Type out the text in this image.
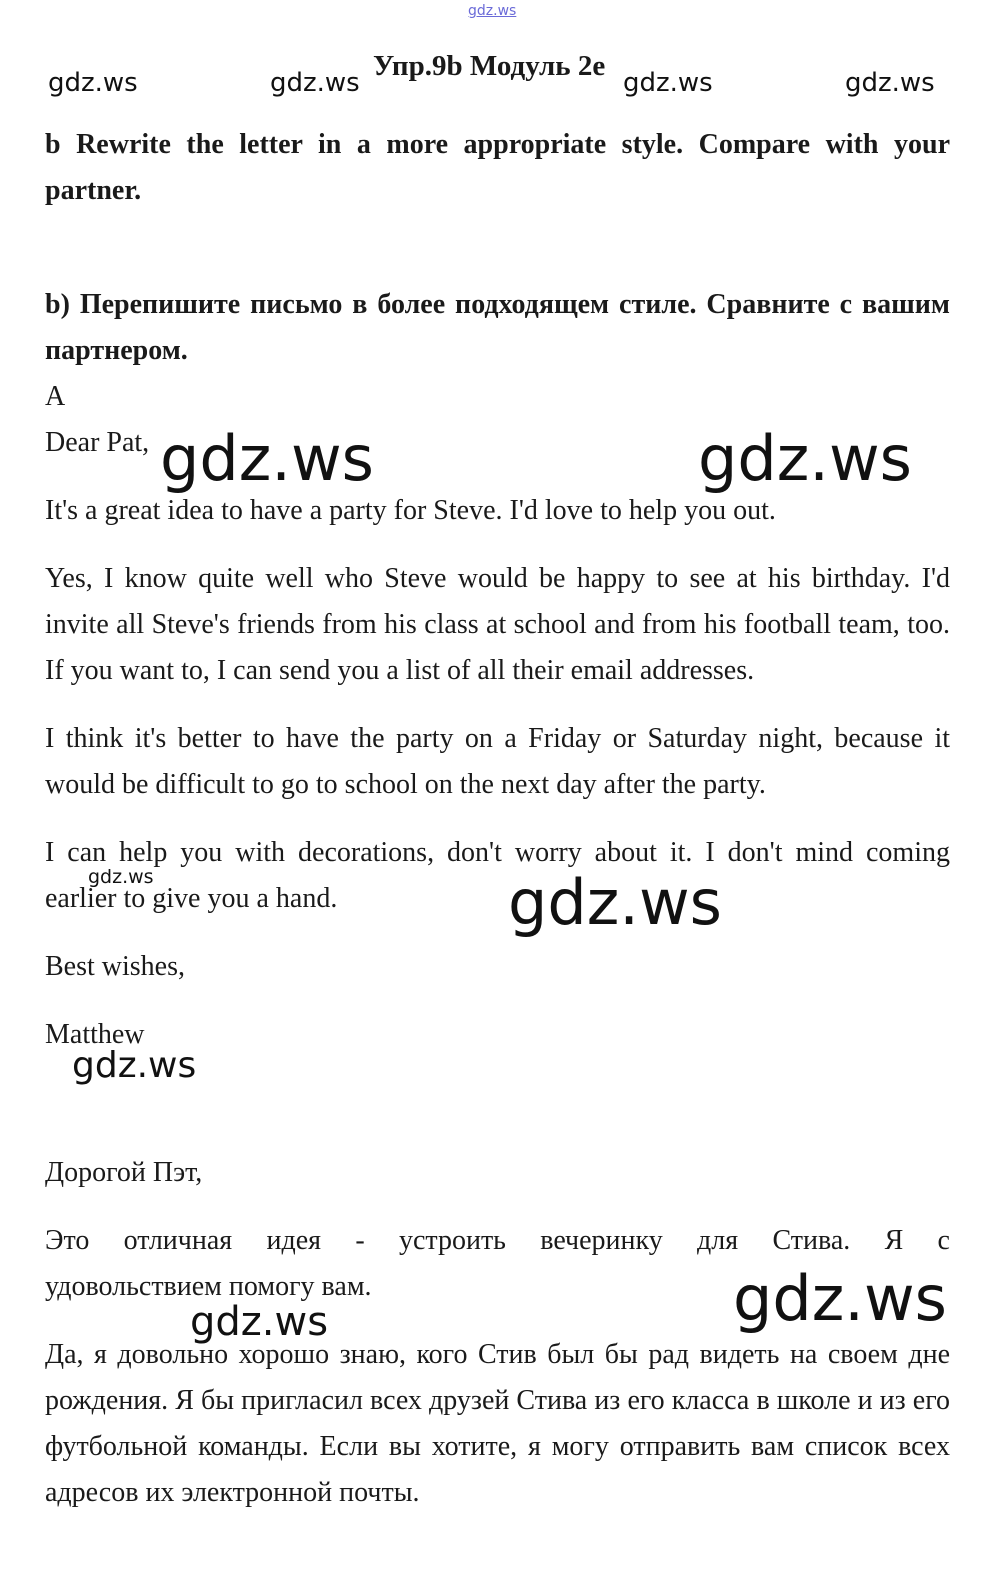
gdz.ws
gdz.ws	gdz.ws	gdz.ws	gdz.ws
Упр.9b Модуль 2e

b Rewrite the letter in a more appropriate style. Compare with your partner.

b) Перепишите письмо в более подходящем стиле. Сравните с вашим партнером.

A

Dear Pat,

It's a great idea to have a party for Steve. I'd love to help you out.

Yes, I know quite well who Steve would be happy to see at his birthday. I'd invite all Steve's friends from his class at school and from his football team, too. If you want to, I can send you a list of all their email addresses.

I think it's better to have the party on a Friday or Saturday night, because it would be difficult to go to school on the next day after the party.

I can help you with decorations, don't worry about it. I don't mind coming earlier to give you a hand.

Best wishes,

Matthew

Дорогой Пэт,

Это отличная идея - устроить вечеринку для Стива. Я с

удовольствием помогу вам.

Да, я довольно хорошо знаю, кого Стив был бы рад видеть на своем дне рождения. Я бы пригласил всех друзей Стива из его класса в школе и из его футбольной команды. Если вы хотите, я могу отправить вам список всех адресов их электронной почты.

gdz.ws	gdz.ws
gdz.ws	gdz.ws
gdz.ws
gdz.ws
gdz.ws
